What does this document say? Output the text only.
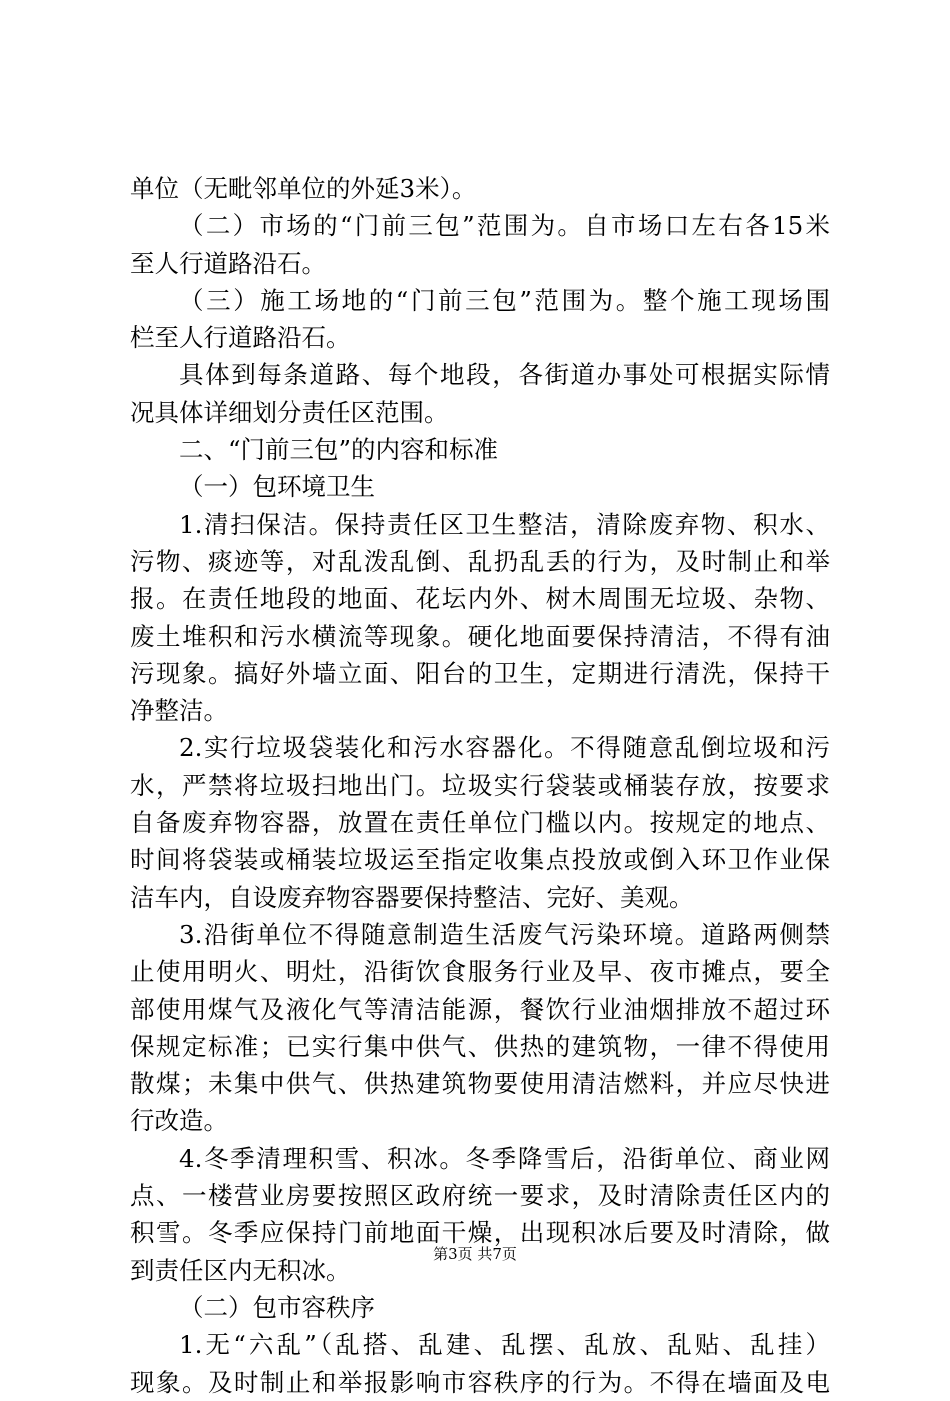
单位（无毗邻单位的外延3米）。
（二）市场的“门前三包”范围为。自市场口左右各15米
至人行道路沿石。
（三）施工场地的“门前三包”范围为。整个施工现场围
栏至人行道路沿石。
具体到每条道路、每个地段，各街道办事处可根据实际情
况具体详细划分责任区范围。
二、“门前三包”的内容和标准
（一）包环境卫生
1.清扫保洁。保持责任区卫生整洁，清除废弃物、积水、
污物、痰迹等，对乱泼乱倒、乱扔乱丢的行为，及时制止和举
报。在责任地段的地面、花坛内外、树木周围无垃圾、杂物、
废土堆积和污水横流等现象。硬化地面要保持清洁，不得有油
污现象。搞好外墙立面、阳台的卫生，定期进行清洗，保持干
净整洁。
2.实行垃圾袋装化和污水容器化。不得随意乱倒垃圾和污
水，严禁将垃圾扫地出门。垃圾实行袋装或桶装存放，按要求
自备废弃物容器，放置在责任单位门槛以内。按规定的地点、
时间将袋装或桶装垃圾运至指定收集点投放或倒入环卫作业保
洁车内，自设废弃物容器要保持整洁、完好、美观。
3.沿街单位不得随意制造生活废气污染环境。道路两侧禁
止使用明火、明灶，沿街饮食服务行业及早、夜市摊点，要全
部使用煤气及液化气等清洁能源，餐饮行业油烟排放不超过环
保规定标准；已实行集中供气、供热的建筑物，一律不得使用
散煤；未集中供气、供热建筑物要使用清洁燃料，并应尽快进
行改造。
4.冬季清理积雪、积冰。冬季降雪后，沿街单位、商业网
点、一楼营业房要按照区政府统一要求，及时清除责任区内的
积雪。冬季应保持门前地面干燥，出现积冰后要及时清除，做
到责任区内无积冰。
（二）包市容秩序
1.无“六乱”（乱搭、乱建、乱摆、乱放、乱贴、乱挂）
现象。及时制止和举报影响市容秩序的行为。不得在墙面及电
第3页 共7页
